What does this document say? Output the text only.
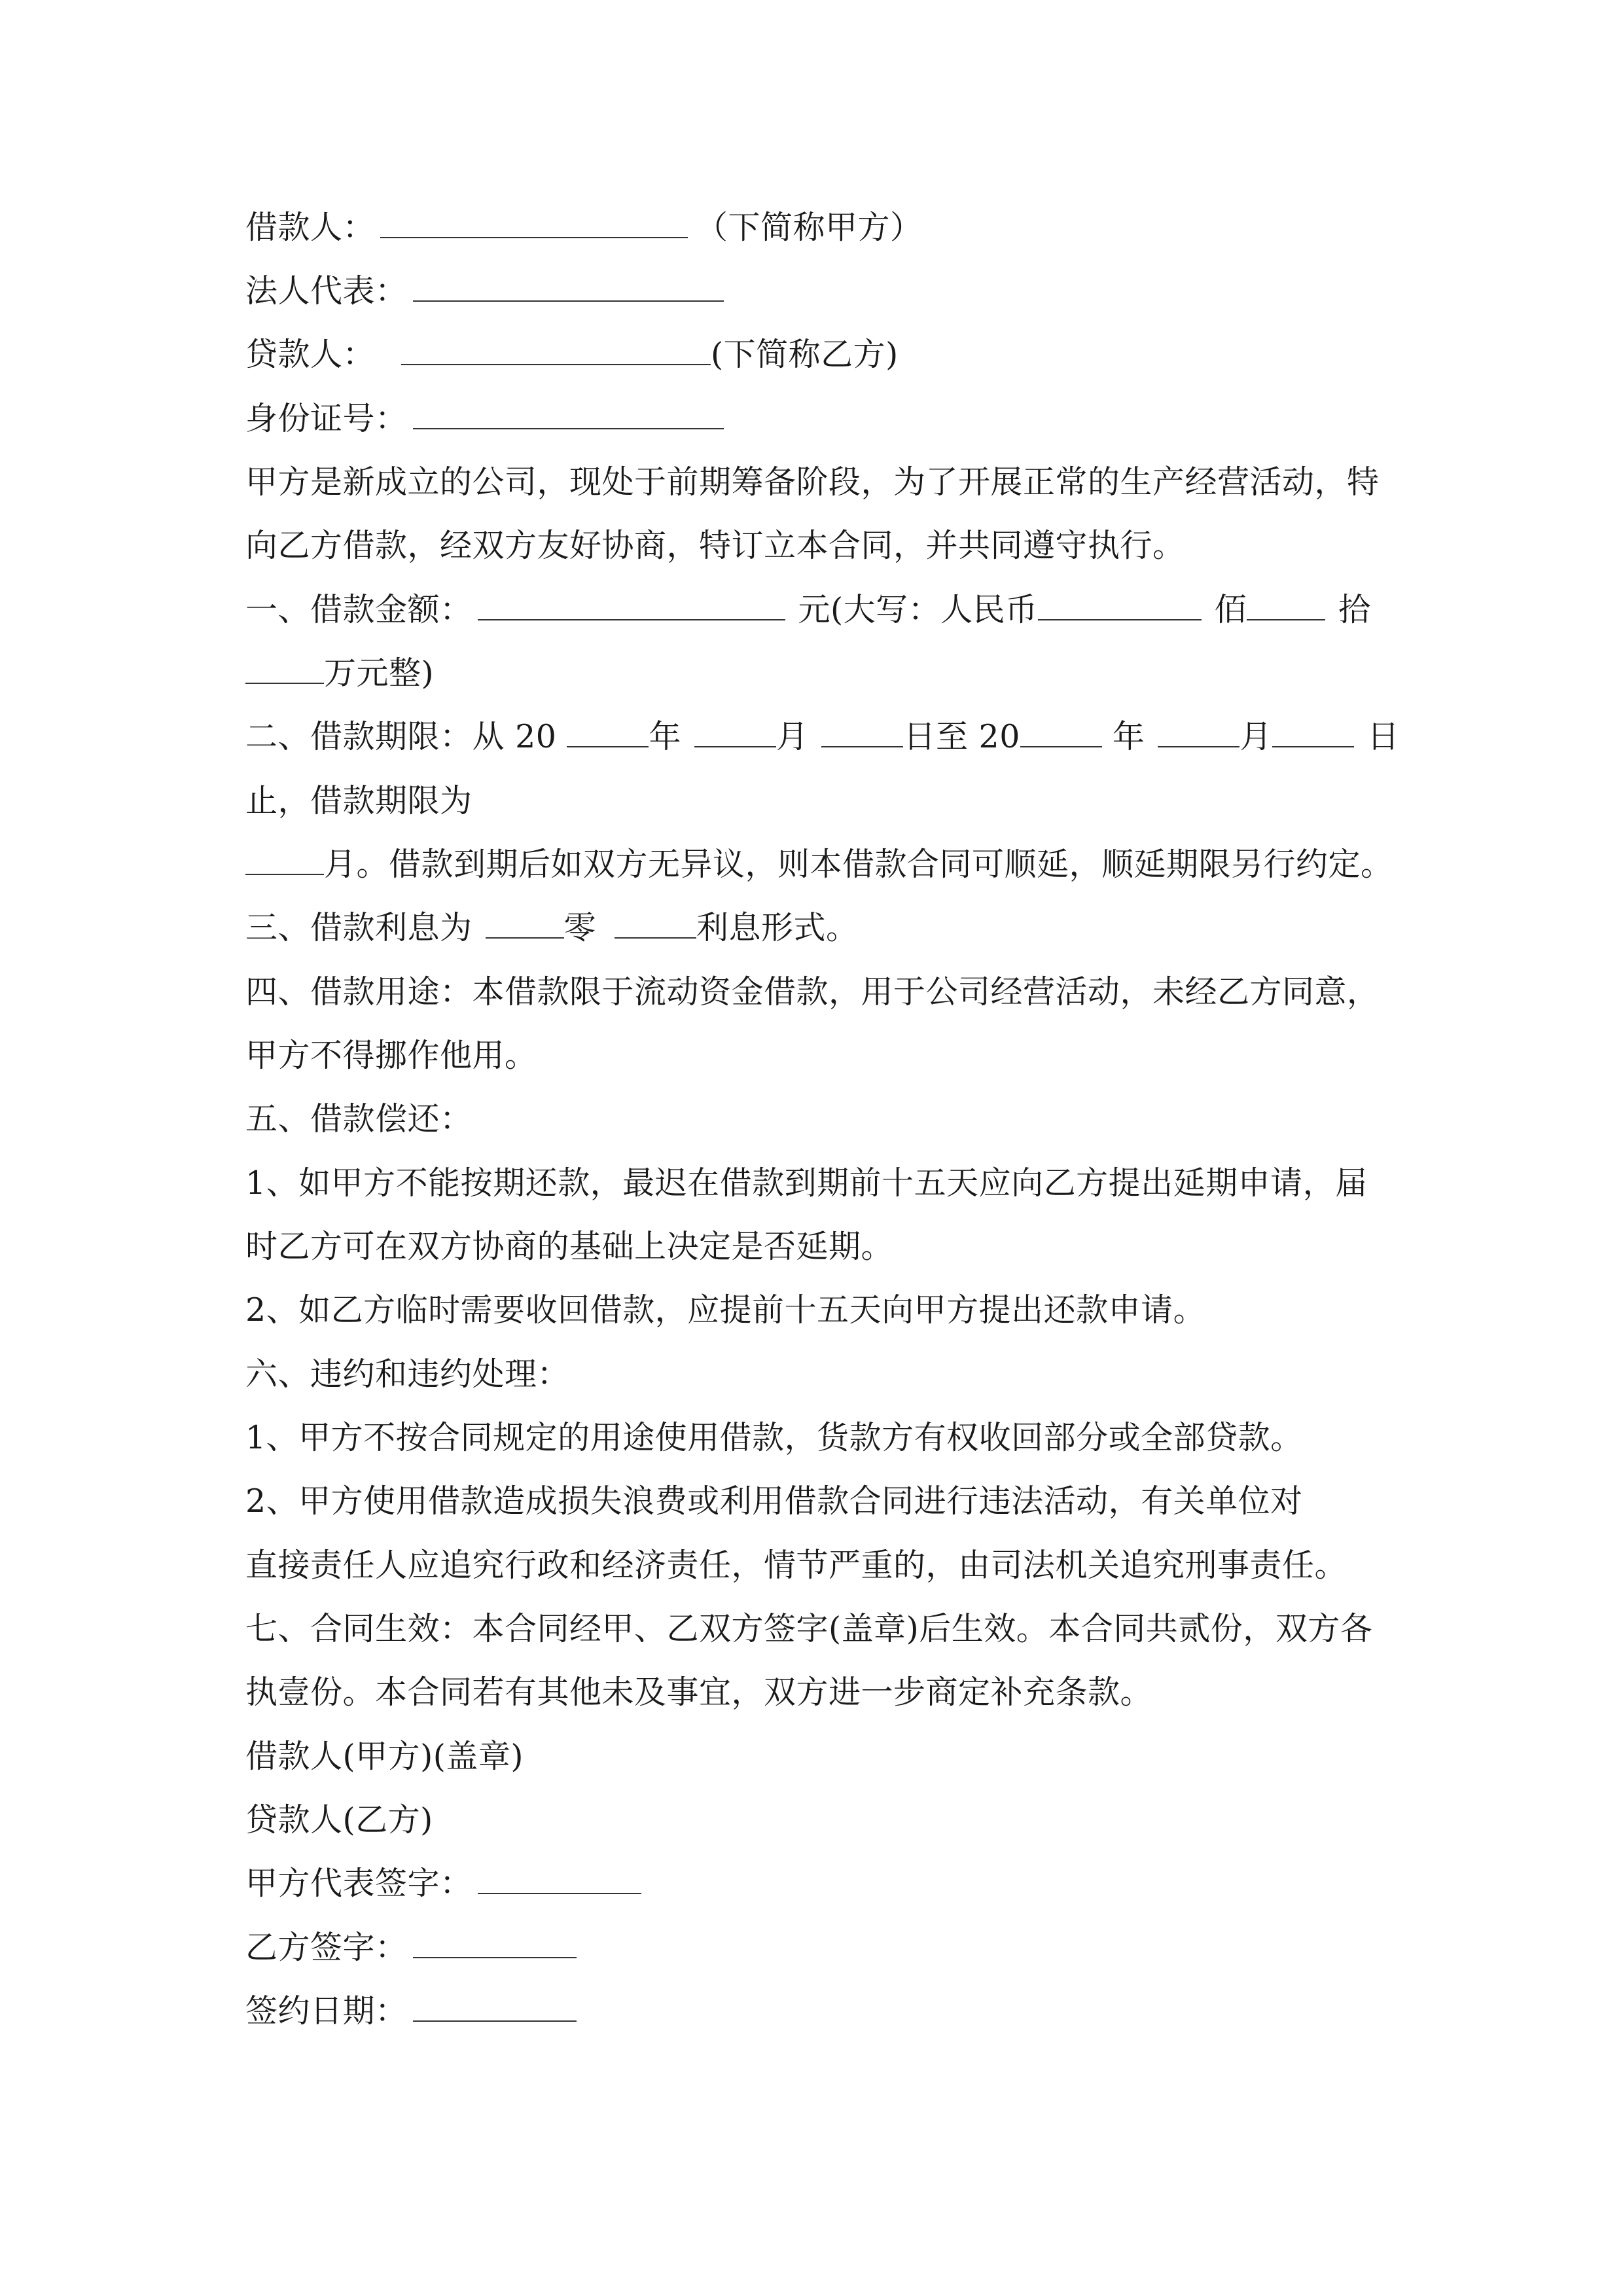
借款人：	（下简称甲方）
法人代表：
贷款人：	(下简称乙方)
身份证号：
甲方是新成立的公司，现处于前期筹备阶段，为了开展正常的生产经营活动，特
向乙方借款，经双方友好协商，特订立本合同，并共同遵守执行。
一、借款金额：	元(大写：人民币	佰	拾
万元整)
二、借款期限：从 20	年	月	日至 20	年	月	日
止，借款期限为
月。借款到期后如双方无异议，则本借款合同可顺延，顺延期限另行约定。
三、借款利息为	零	利息形式。
四、借款用途：本借款限于流动资金借款，用于公司经营活动，未经乙方同意，
甲方不得挪作他用。
五、借款偿还：
1、如甲方不能按期还款，最迟在借款到期前十五天应向乙方提出延期申请，届
时乙方可在双方协商的基础上决定是否延期。
2、如乙方临时需要收回借款，应提前十五天向甲方提出还款申请。
六、违约和违约处理：
1、甲方不按合同规定的用途使用借款，货款方有权收回部分或全部贷款。
2、甲方使用借款造成损失浪费或利用借款合同进行违法活动，有关单位对
直接责任人应追究行政和经济责任，情节严重的，由司法机关追究刑事责任。
七、合同生效：本合同经甲、乙双方签字(盖章)后生效。本合同共贰份，双方各
执壹份。本合同若有其他未及事宜，双方进一步商定补充条款。
借款人(甲方)(盖章)
贷款人(乙方)
甲方代表签字：
乙方签字：
签约日期：
